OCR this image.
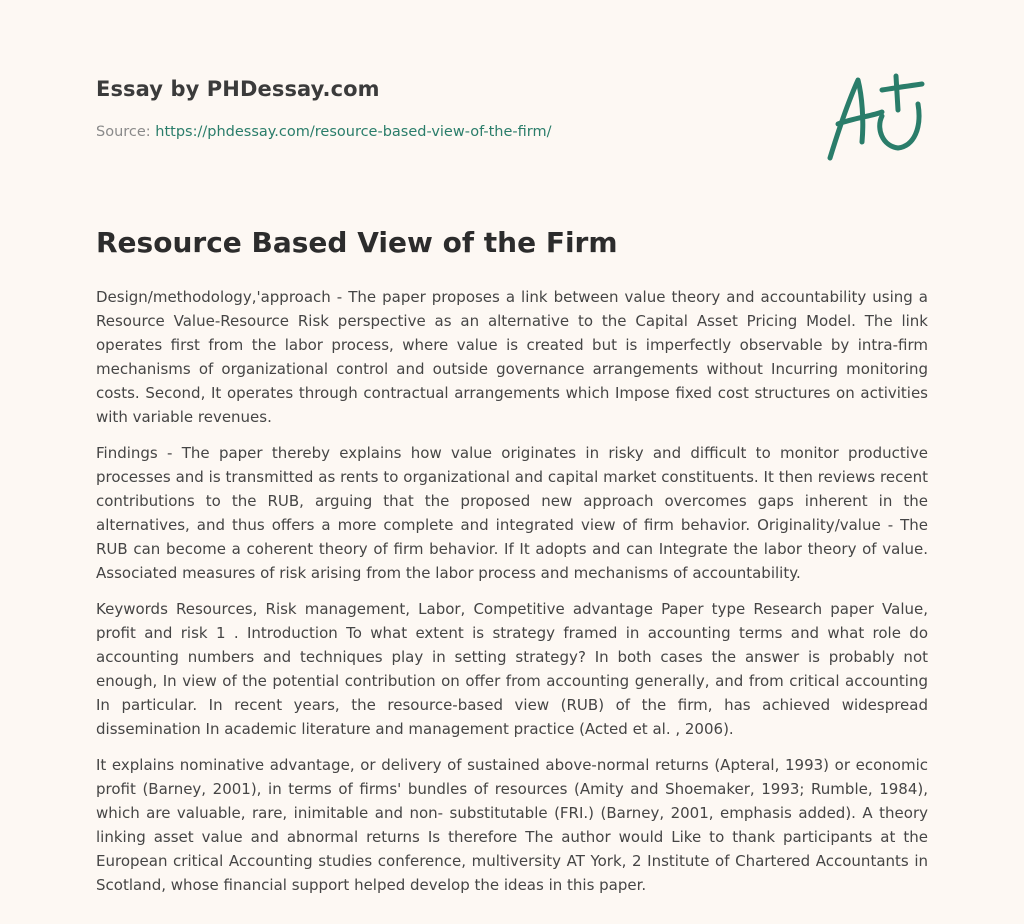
Essay by PHDessay.com
Source: https://phdessay.com/resource-based-view-of-the-firm/
Resource Based View of the Firm

Design/methodology,'approach - The paper proposes a link between value theory and accountability using a Resource Value-Resource Risk perspective as an alternative to the Capital Asset Pricing Model. The link operates first from the labor process, where value is created but is imperfectly observable by intra-firm mechanisms of organizational control and outside governance arrangements without Incurring monitoring costs. Second, It operates through contractual arrangements which Impose fixed cost structures on activities with variable revenues.

Findings - The paper thereby explains how value originates in risky and difficult to monitor productive processes and is transmitted as rents to organizational and capital market constituents. It then reviews recent contributions to the RUB, arguing that the proposed new approach overcomes gaps inherent in the alternatives, and thus offers a more complete and integrated view of firm behavior. Originality/value - The RUB can become a coherent theory of firm behavior. If It adopts and can Integrate the labor theory of value. Associated measures of risk arising from the labor process and mechanisms of accountability.

Keywords Resources, Risk management, Labor, Competitive advantage Paper type Research paper Value, profit and risk 1 . Introduction To what extent is strategy framed in accounting terms and what role do accounting numbers and techniques play in setting strategy? In both cases the answer is probably not enough, In view of the potential contribution on offer from accounting generally, and from critical accounting In particular. In recent years, the resource-based view (RUB) of the firm, has achieved widespread dissemination In academic literature and management practice (Acted et al. , 2006).

It explains nominative advantage, or delivery of sustained above-normal returns (Apteral, 1993) or economic profit (Barney, 2001), in terms of firms' bundles of resources (Amity and Shoemaker, 1993; Rumble, 1984), which are valuable, rare, inimitable and non- substitutable (FRI.) (Barney, 2001, emphasis added). A theory linking asset value and abnormal returns Is therefore The author would Like to thank participants at the European critical Accounting studies conference, multiversity AT York, 2 Institute of Chartered Accountants in Scotland, whose financial support helped develop the ideas in this paper.
